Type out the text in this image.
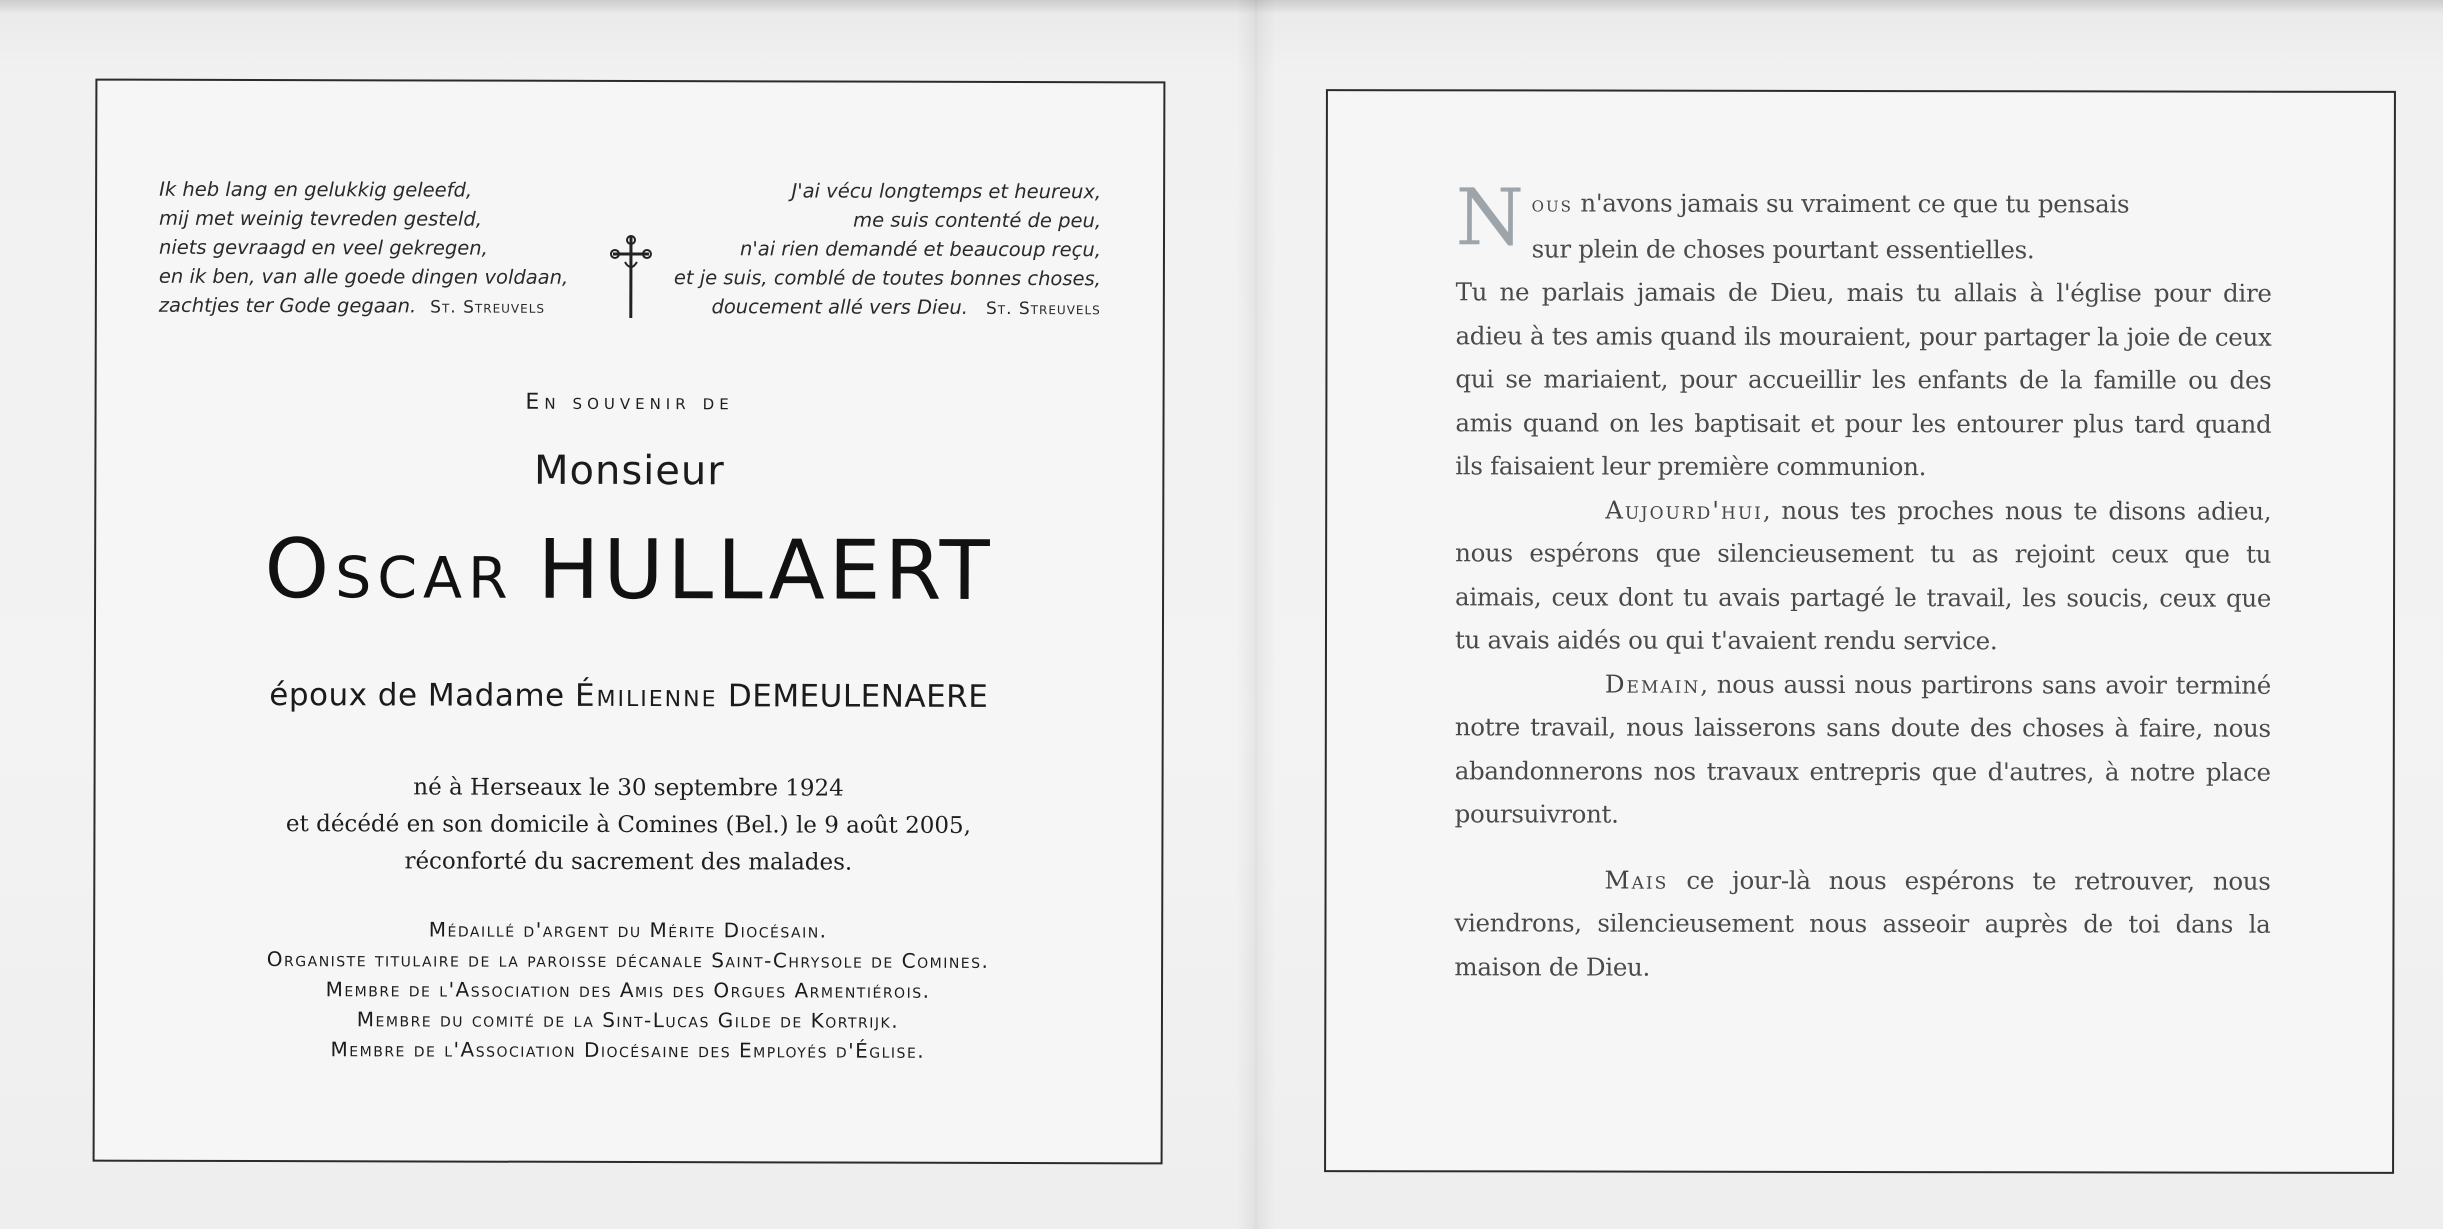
Ik heb lang en gelukkig geleefd,
mij met weinig tevreden gesteld,
niets gevraagd en veel gekregen,
en ik ben, van alle goede dingen voldaan,
zachtjes ter Gode gegaan. St. Streuvels
J'ai vécu longtemps et heureux,
me suis contenté de peu,
n'ai rien demandé et beaucoup reçu,
et je suis, comblé de toutes bonnes choses,
doucement allé vers Dieu. St. Streuvels
En souvenir de
Monsieur
Oscar HULLAERT
époux de Madame Émilienne DEMEULENAERE
né à Herseaux le 30 septembre 1924
et décédé en son domicile à Comines (Bel.) le 9 août 2005,
réconforté du sacrement des malades.
Médaillé d'argent du Mérite Diocésain.
Organiste titulaire de la paroisse décanale Saint-Chrysole de Comines.
Membre de l'Association des Amis des Orgues Armentiérois.
Membre du comité de la Sint-Lucas Gilde de Kortrijk.
Membre de l'Association Diocésaine des Employés d'Église.

Nous n'avons jamais su vraiment ce que tu pensais
sur plein de choses pourtant essentielles.

Tu ne parlais jamais de Dieu, mais tu allais à l'église pour dire adieu à tes amis quand ils mouraient, pour partager la joie de ceux qui se mariaient, pour accueillir les enfants de la famille ou des amis quand on les baptisait et pour les entourer plus tard quand ils faisaient leur première communion.

Aujourd'hui, nous tes proches nous te disons adieu, nous espérons que silencieusement tu as rejoint ceux que tu aimais, ceux dont tu avais partagé le travail, les soucis, ceux que tu avais aidés ou qui t'avaient rendu service.

Demain, nous aussi nous partirons sans avoir terminé notre travail, nous laisserons sans doute des choses à faire, nous abandonnerons nos travaux entrepris que d'autres, à notre place poursuivront.

Mais ce jour-là nous espérons te retrouver, nous viendrons, silencieusement nous asseoir auprès de toi dans la maison de Dieu.
